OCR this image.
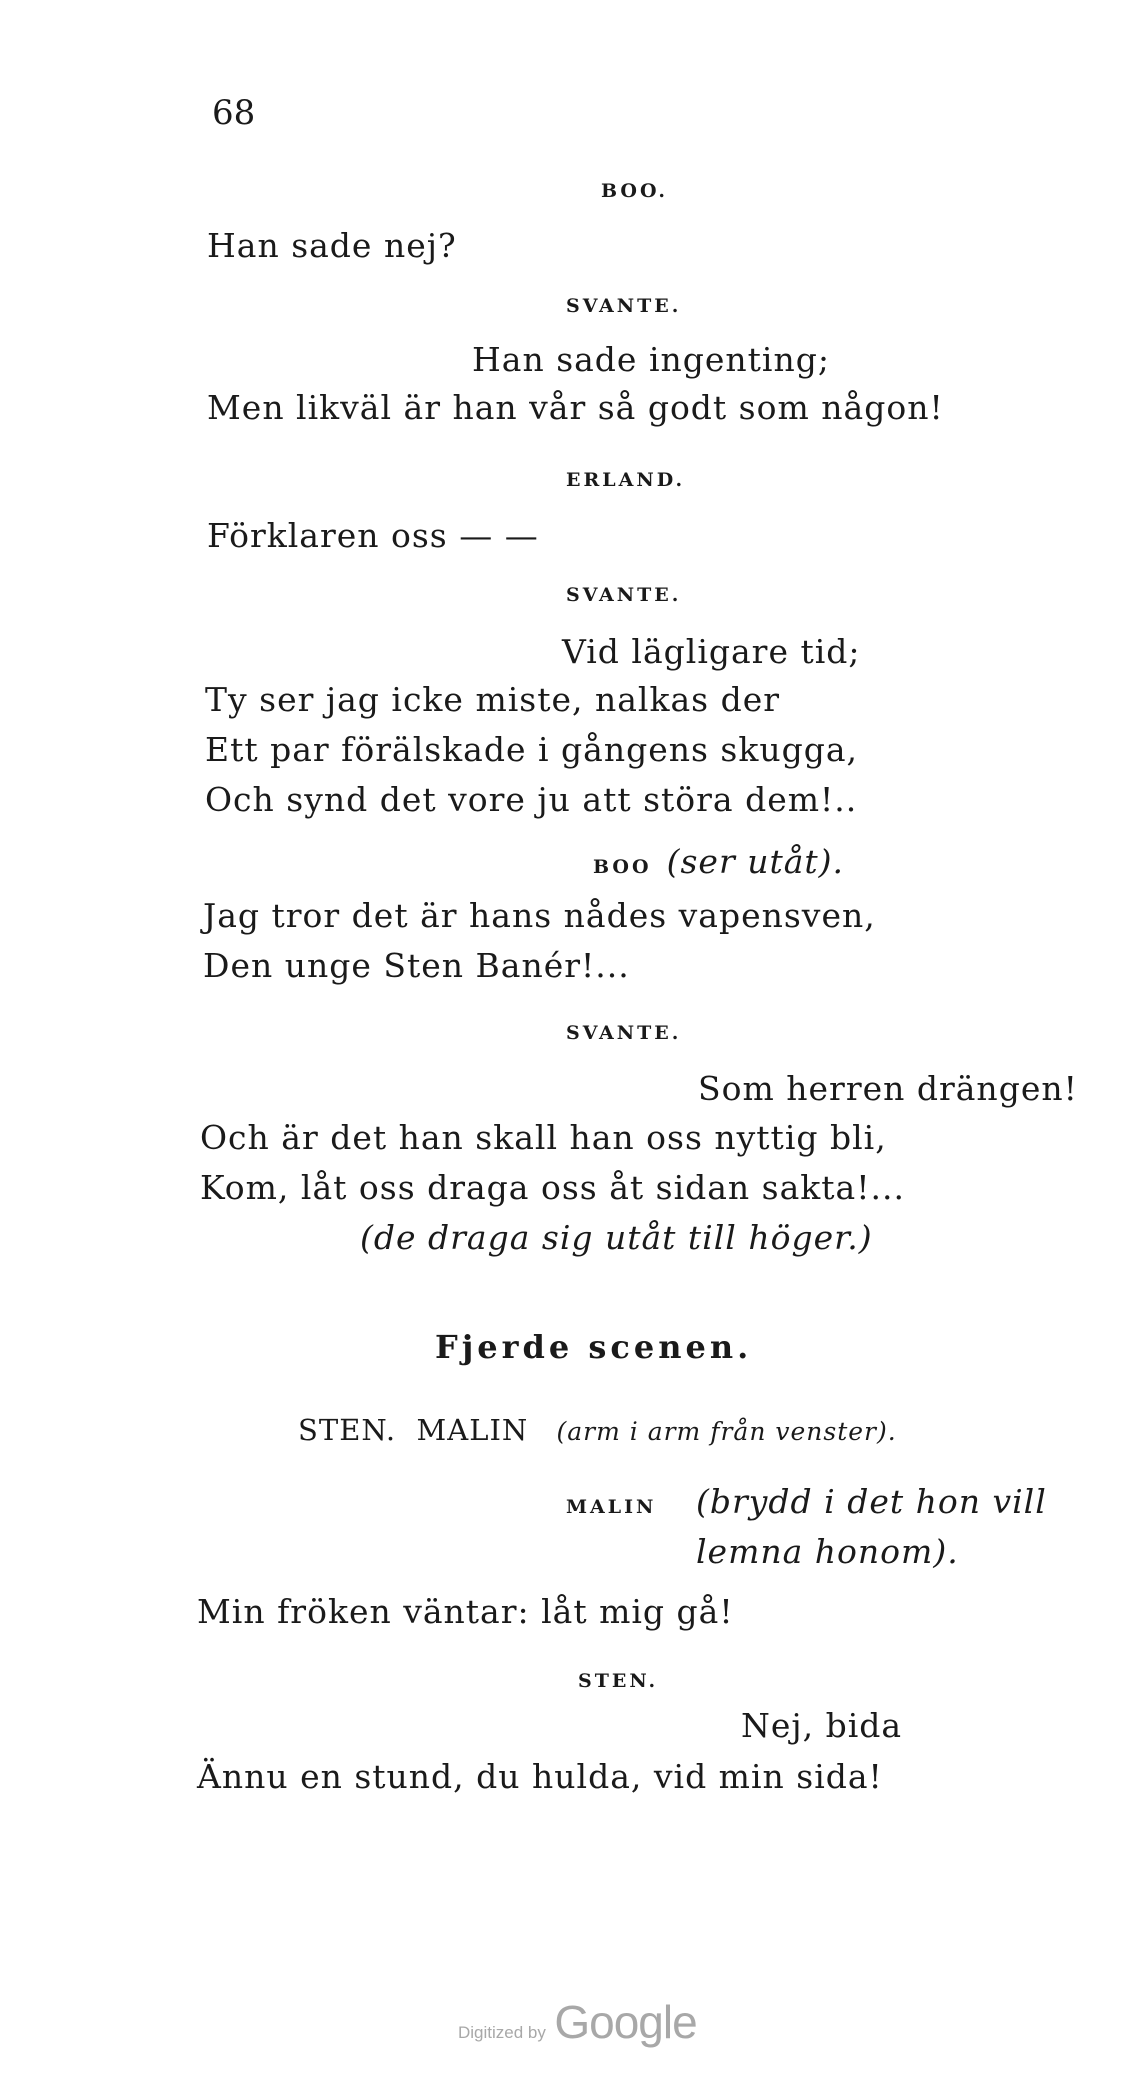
68
BOO.
Han sade nej?
SVANTE.
Han sade ingenting;
Men likväl är han vår så godt som någon!
ERLAND.
Förklaren oss — —
SVANTE.
Vid lägligare tid;
Ty ser jag icke miste, nalkas der
Ett par förälskade i gångens skugga,
Och synd det vore ju att störa dem!..
BOO (ser utåt).
Jag tror det är hans nådes vapensven,
Den unge Sten Banér!...
SVANTE.
Som herren drängen!
Och är det han skall han oss nyttig bli,
Kom, låt oss draga oss åt sidan sakta!...
(de draga sig utåt till höger.)
Fjerde scenen.
STEN.  MALIN (arm i arm från venster).
MALIN (brydd i det hon vill
lemna honom).
Min fröken väntar: låt mig gå!
STEN.
Nej, bida
Ännu en stund, du hulda, vid min sida!
Digitized by Google
